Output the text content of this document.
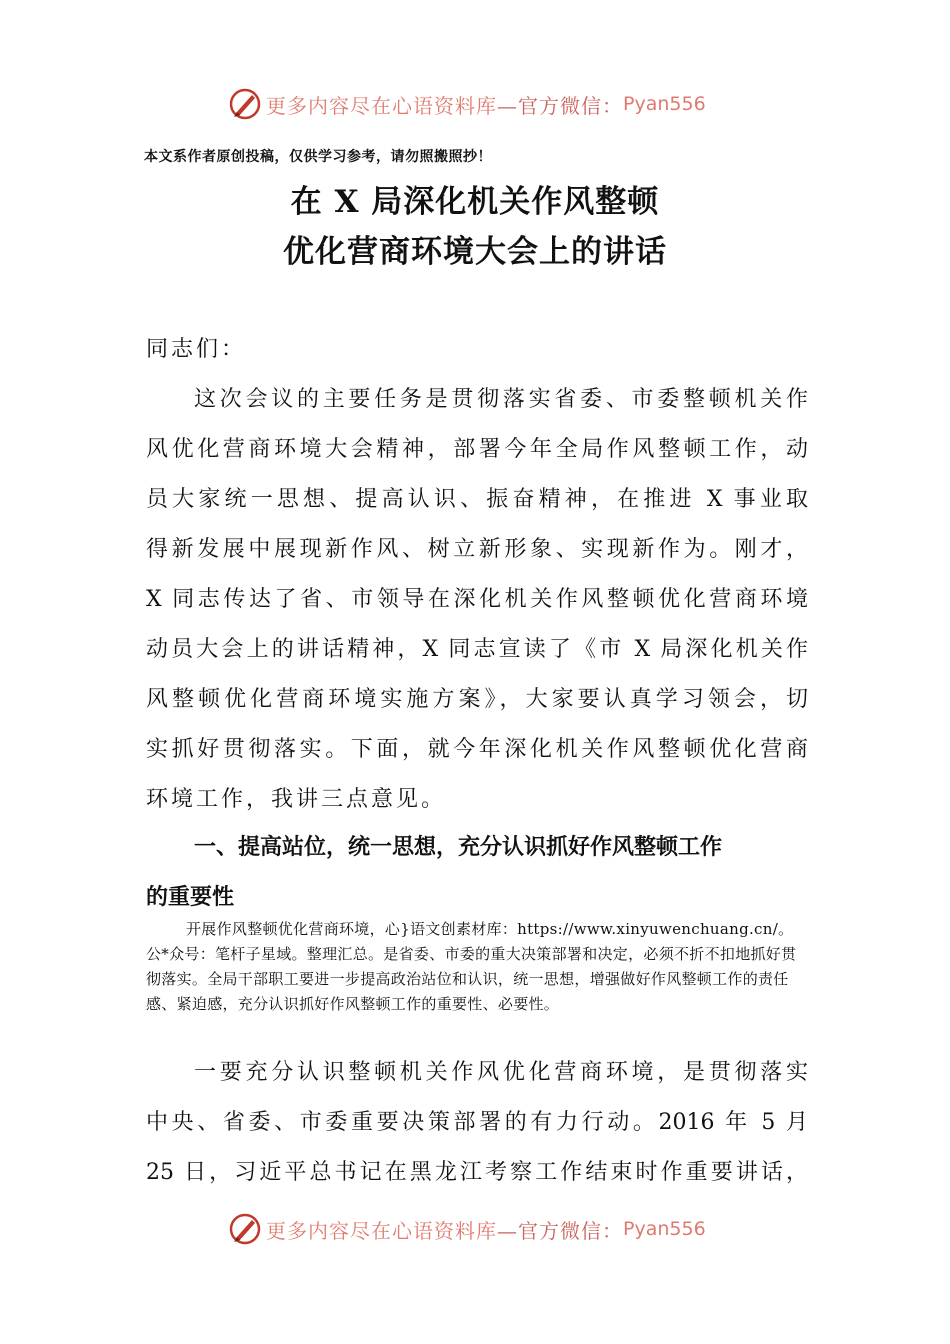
更多内容尽在心语资料库 —官方微信： Pyan556
本文系作者原创投稿，仅供学习参考，请勿照搬照抄！
在 X 局深化机关作风整顿
优化营商环境大会上的讲话
同志们：
这次会议的主要任务是贯彻落实省委、市委整顿机关作
风优化营商环境大会精神，部署今年全局作风整顿工作，动
员大家统一思想、提高认识、振奋精神，在推进 X 事业取
得新发展中展现新作风、树立新形象、实现新作为。刚才，
X 同志传达了省、市领导在深化机关作风整顿优化营商环境
动员大会上的讲话精神，X 同志宣读了《市 X 局深化机关作
风整顿优化营商环境实施方案》，大家要认真学习领会，切
实抓好贯彻落实。下面，就今年深化机关作风整顿优化营商
环境工作，我讲三点意见。
一、提高站位，统一思想，充分认识抓好作风整顿工作
的重要性
开展作风整顿优化营商环境，心}语文创素材库：https://www.xinyuwenchuang.cn/。公*众号：笔杆子星域。整理汇总。是省委、市委的重大决策部署和决定，必须不折不扣地抓好贯彻落实。全局干部职工要进一步提高政治站位和认识，统一思想，增强做好作风整顿工作的责任感、紧迫感，充分认识抓好作风整顿工作的重要性、必要性。
一要充分认识整顿机关作风优化营商环境，是贯彻落实
中央、省委、市委重要决策部署的有力行动。2016 年 5 月
25 日，习近平总书记在黑龙江考察工作结束时作重要讲话，
更多内容尽在心语资料库 —官方微信： Pyan556
